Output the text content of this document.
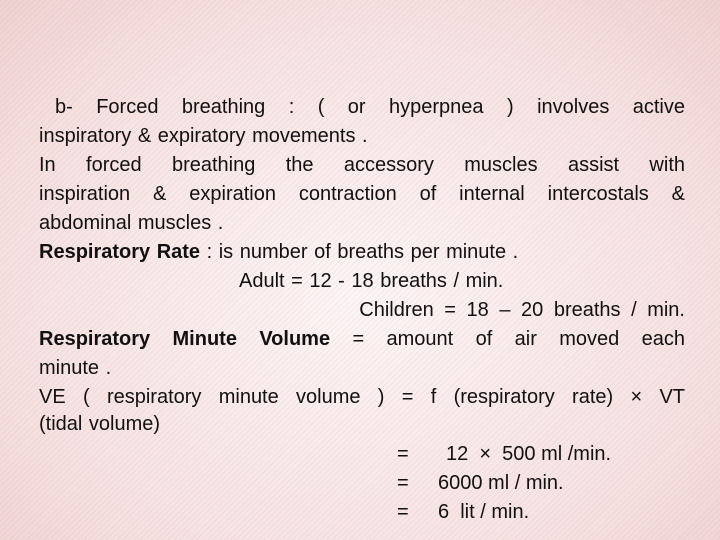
b- Forced breathing : ( or hyperpnea ) involves active
inspiratory & expiratory movements .
In forced breathing the accessory muscles assist with
inspiration & expiration contraction of internal intercostals &
abdominal muscles .
Respiratory Rate : is number of breaths per minute .
Adult = 12 - 18 breaths / min.
Children = 18 – 20 breaths / min.
Respiratory Minute Volume = amount of air moved each
minute .
VE ( respiratory minute volume ) = f (respiratory rate) × VT
(tidal volume)
= 12  ×  500 ml /min.
= 6000 ml / min.
= 6  lit / min.
